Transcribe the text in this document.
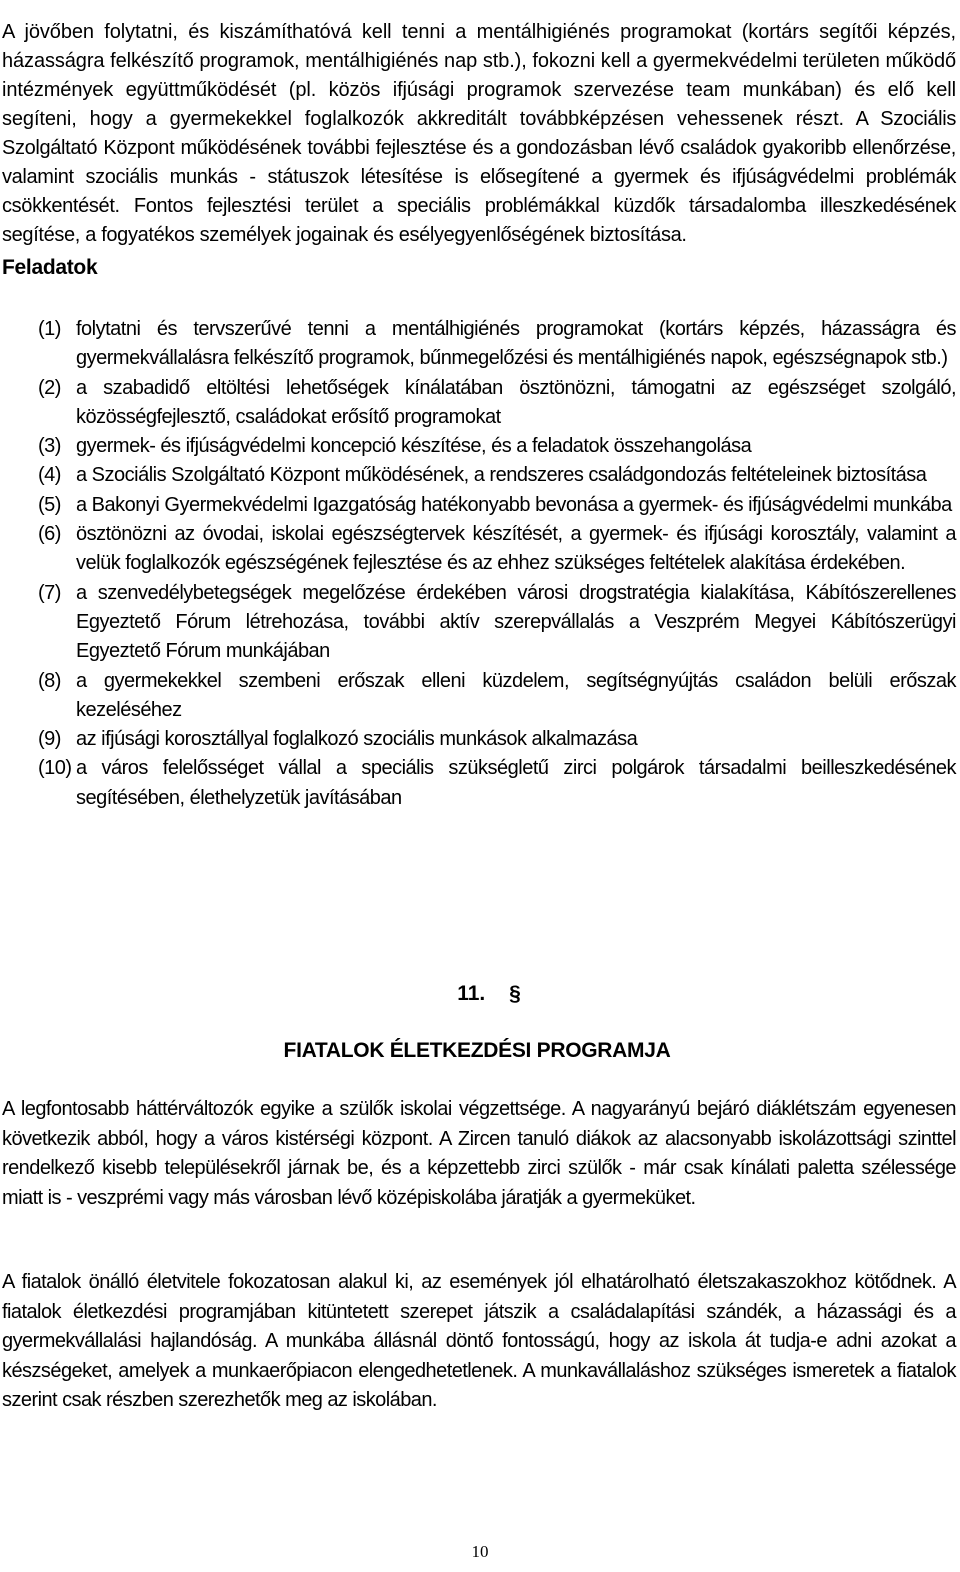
A jövőben folytatni, és kiszámíthatóvá kell tenni a mentálhigiénés programokat (kortárs segítői képzés, házasságra felkészítő programok, mentálhigiénés nap stb.), fokozni kell a gyermekvédelmi területen működő intézmények együttműködését (pl. közös ifjúsági programok szervezése team munkában) és elő kell segíteni, hogy a gyermekekkel foglalkozók akkreditált továbbképzésen vehessenek részt. A Szociális Szolgáltató Központ működésének további fejlesztése és a gondozásban lévő családok gyakoribb ellenőrzése, valamint szociális munkás - státuszok létesítése is elősegítené a gyermek és ifjúságvédelmi problémák csökkentését. Fontos fejlesztési terület a speciális problémákkal küzdők társadalomba illeszkedésének segítése, a fogyatékos személyek jogainak és esélyegyenlőségének biztosítása.

Feladatok
(1) folytatni és tervszerűvé tenni a mentálhigiénés programokat (kortárs képzés, házasságra és gyermekvállalásra felkészítő programok, bűnmegelőzési és mentálhigiénés napok, egészségnapok stb.)
(2) a szabadidő eltöltési lehetőségek kínálatában ösztönözni, támogatni az egészséget szolgáló, közösségfejlesztő, családokat erősítő programokat
(3) gyermek- és ifjúságvédelmi koncepció készítése, és a feladatok összehangolása
(4) a Szociális Szolgáltató Központ működésének, a rendszeres családgondozás feltételeinek biztosítása
(5) a Bakonyi Gyermekvédelmi Igazgatóság hatékonyabb bevonása a gyermek- és ifjúságvédelmi munkába
(6) ösztönözni az óvodai, iskolai egészségtervek készítését, a gyermek- és ifjúsági korosztály, valamint a velük foglalkozók egészségének fejlesztése és az ehhez szükséges feltételek alakítása érdekében.
(7) a szenvedélybetegségek megelőzése érdekében városi drogstratégia kialakítása, Kábítószerellenes Egyeztető Fórum létrehozása, további aktív szerepvállalás a Veszprém Megyei Kábítószerügyi Egyeztető Fórum munkájában
(8) a gyermekekkel szembeni erőszak elleni küzdelem, segítségnyújtás családon belüli erőszak kezeléséhez
(9) az ifjúsági korosztállyal foglalkozó szociális munkások alkalmazása
(10) a város felelősséget vállal a speciális szükségletű zirci polgárok társadalmi beilleszkedésének segítésében, élethelyzetük javításában
11. §
FIATALOK ÉLETKEZDÉSI PROGRAMJA

A legfontosabb háttérváltozók egyike a szülők iskolai végzettsége. A nagyarányú bejáró diáklétszám egyenesen következik abból, hogy a város kistérségi központ. A Zircen tanuló diákok az alacsonyabb iskolázottsági szinttel rendelkező kisebb településekről járnak be, és a képzettebb zirci szülők - már csak kínálati paletta szélessége miatt is - veszprémi vagy más városban lévő középiskolába járatják a gyermeküket.

A fiatalok önálló életvitele fokozatosan alakul ki, az események jól elhatárolható életszakaszokhoz kötődnek. A fiatalok életkezdési programjában kitüntetett szerepet játszik a családalapítási szándék, a házassági és a gyermekvállalási hajlandóság. A munkába állásnál döntő fontosságú, hogy az iskola át tudja-e adni azokat a készségeket, amelyek a munkaerőpiacon elengedhetetlenek. A munkavállaláshoz szükséges ismeretek a fiatalok szerint csak részben szerezhetők meg az iskolában.

10
